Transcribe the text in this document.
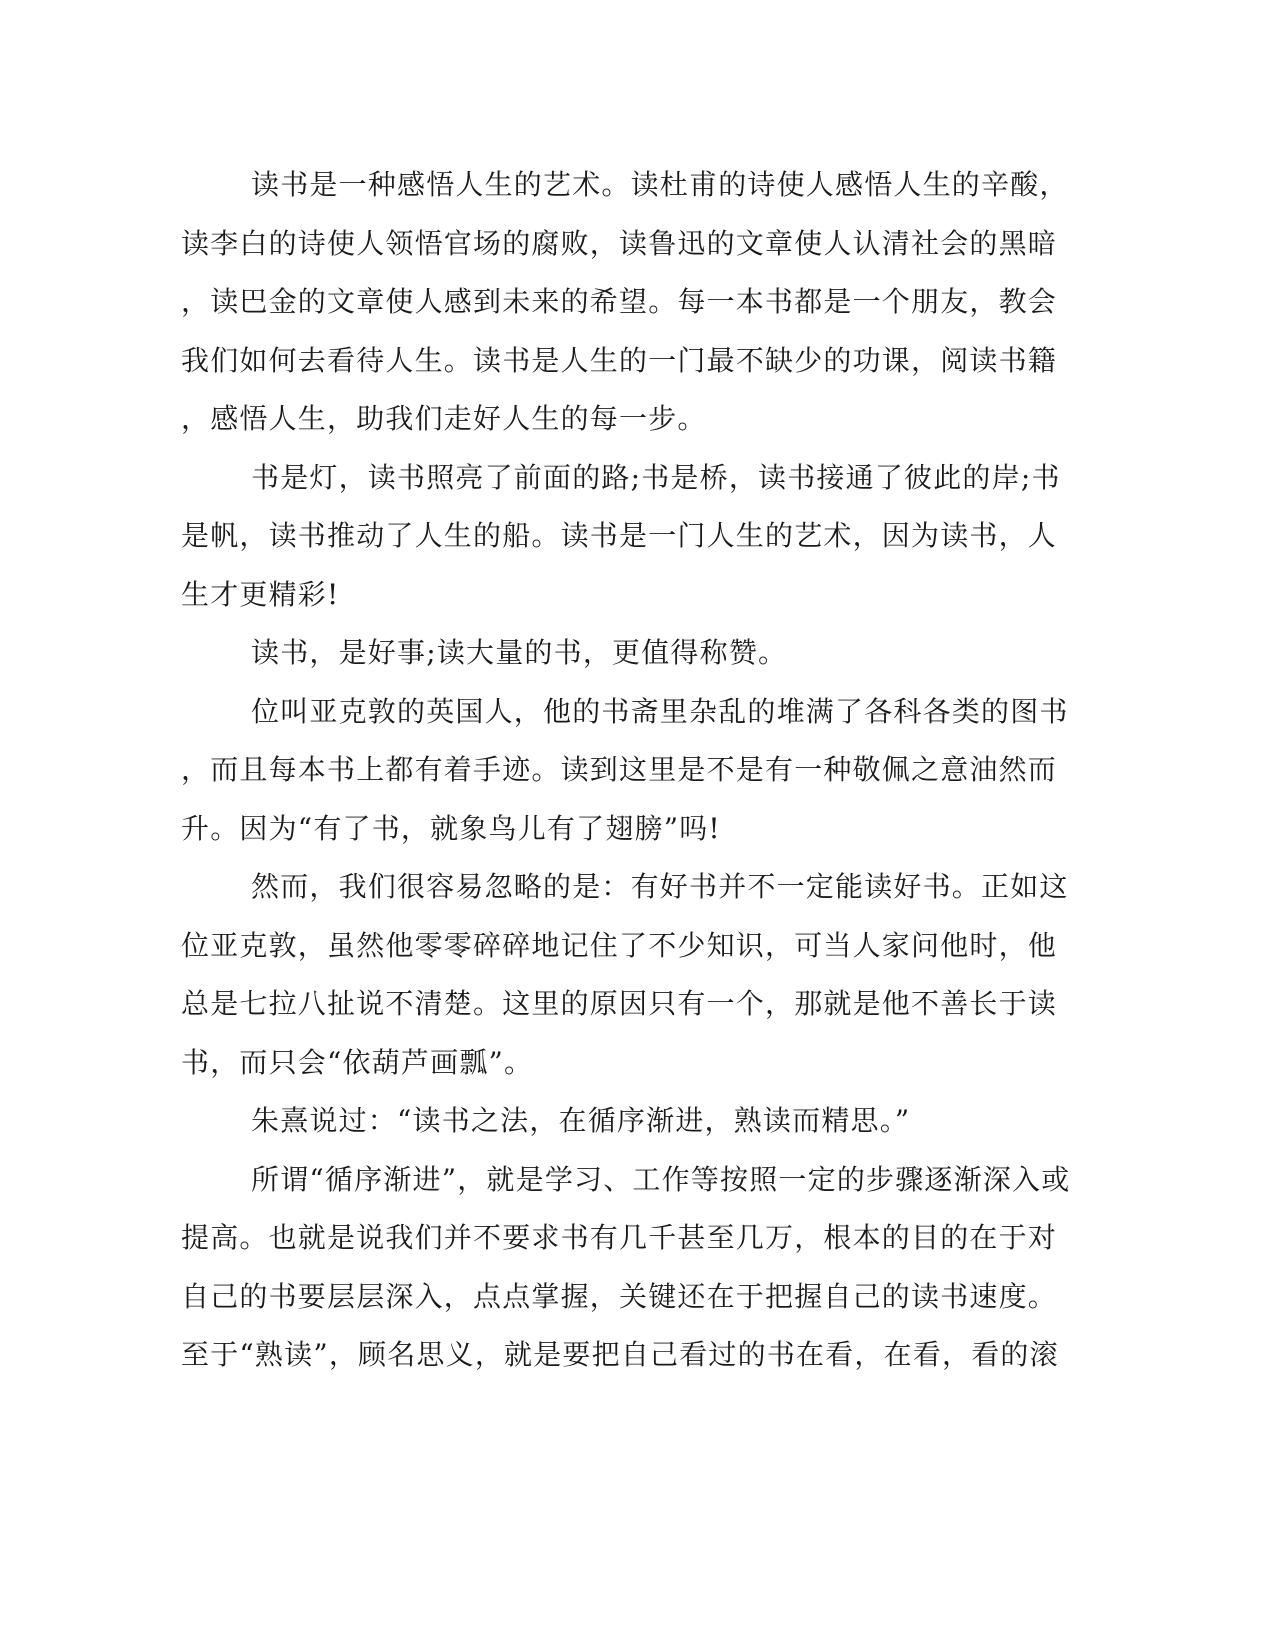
读书是一种感悟人生的艺术。读杜甫的诗使人感悟人生的辛酸，
读李白的诗使人领悟官场的腐败，读鲁迅的文章使人认清社会的黑暗
，读巴金的文章使人感到未来的希望。每一本书都是一个朋友，教会
我们如何去看待人生。读书是人生的一门最不缺少的功课，阅读书籍
，感悟人生，助我们走好人生的每一步。
书是灯，读书照亮了前面的路;书是桥，读书接通了彼此的岸;书
是帆，读书推动了人生的船。读书是一门人生的艺术，因为读书，人
生才更精彩!
读书，是好事;读大量的书，更值得称赞。
位叫亚克敦的英国人，他的书斋里杂乱的堆满了各科各类的图书
，而且每本书上都有着手迹。读到这里是不是有一种敬佩之意油然而
升。因为“有了书，就象鸟儿有了翅膀”吗!
然而，我们很容易忽略的是：有好书并不一定能读好书。正如这
位亚克敦，虽然他零零碎碎地记住了不少知识，可当人家问他时，他
总是七拉八扯说不清楚。这里的原因只有一个，那就是他不善长于读
书，而只会“依葫芦画瓢”。
朱熹说过：“读书之法，在循序渐进，熟读而精思。”
所谓“循序渐进”，就是学习、工作等按照一定的步骤逐渐深入或
提高。也就是说我们并不要求书有几千甚至几万，根本的目的在于对
自己的书要层层深入，点点掌握，关键还在于把握自己的读书速度。
至于“熟读”，顾名思义，就是要把自己看过的书在看，在看，看的滚
